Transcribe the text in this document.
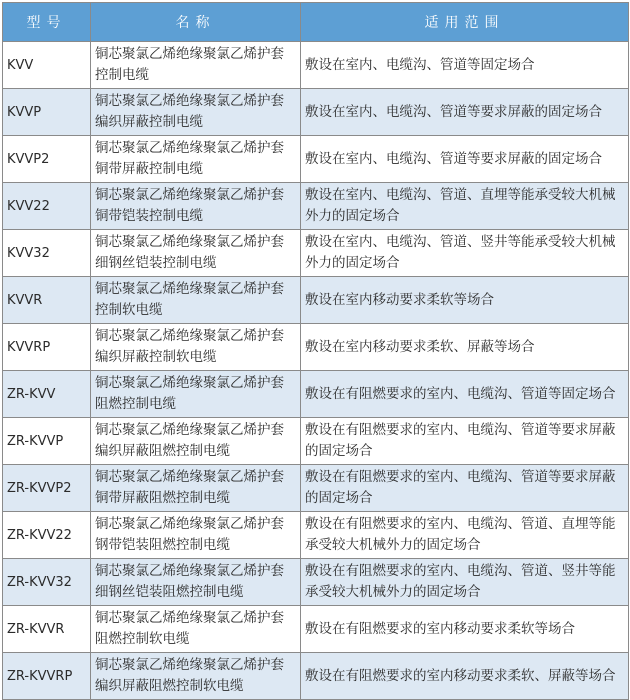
型号	名称	适用范围
KVV	铜芯聚氯乙烯绝缘聚氯乙烯护套控制电缆	敷设在室内、电缆沟、管道等固定场合
KVVP	铜芯聚氯乙烯绝缘聚氯乙烯护套编织屏蔽控制电缆	敷设在室内、电缆沟、管道等要求屏蔽的固定场合
KVVP2	铜芯聚氯乙烯绝缘聚氯乙烯护套铜带屏蔽控制电缆	敷设在室内、电缆沟、管道等要求屏蔽的固定场合
KVV22	铜芯聚氯乙烯绝缘聚氯乙烯护套铜带铠装控制电缆	敷设在室内、电缆沟、管道、直埋等能承受较大机械外力的固定场合
KVV32	铜芯聚氯乙烯绝缘聚氯乙烯护套细钢丝铠装控制电缆	敷设在室内、电缆沟、管道、竖井等能承受较大机械外力的固定场合
KVVR	铜芯聚氯乙烯绝缘聚氯乙烯护套控制软电缆	敷设在室内移动要求柔软等场合
KVVRP	铜芯聚氯乙烯绝缘聚氯乙烯护套编织屏蔽控制软电缆	敷设在室内移动要求柔软、屏蔽等场合
ZR-KVV	铜芯聚氯乙烯绝缘聚氯乙烯护套阻燃控制电缆	敷设在有阻燃要求的室内、电缆沟、管道等固定场合
ZR-KVVP	铜芯聚氯乙烯绝缘聚氯乙烯护套编织屏蔽阻燃控制电缆	敷设在有阻燃要求的室内、电缆沟、管道等要求屏蔽的固定场合
ZR-KVVP2	铜芯聚氯乙烯绝缘聚氯乙烯护套铜带屏蔽阻燃控制电缆	敷设在有阻燃要求的室内、电缆沟、管道等要求屏蔽的固定场合
ZR-KVV22	铜芯聚氯乙烯绝缘聚氯乙烯护套钢带铠装阻燃控制电缆	敷设在有阻燃要求的室内、电缆沟、管道、直埋等能承受较大机械外力的固定场合
ZR-KVV32	铜芯聚氯乙烯绝缘聚氯乙烯护套细钢丝铠装阻燃控制电缆	敷设在有阻燃要求的室内、电缆沟、管道、竖井等能承受较大机械外力的固定场合
ZR-KVVR	铜芯聚氯乙烯绝缘聚氯乙烯护套阻燃控制软电缆	敷设在有阻燃要求的室内移动要求柔软等场合
ZR-KVVRP	铜芯聚氯乙烯绝缘聚氯乙烯护套编织屏蔽阻燃控制软电缆	敷设在有阻燃要求的室内移动要求柔软、屏蔽等场合
